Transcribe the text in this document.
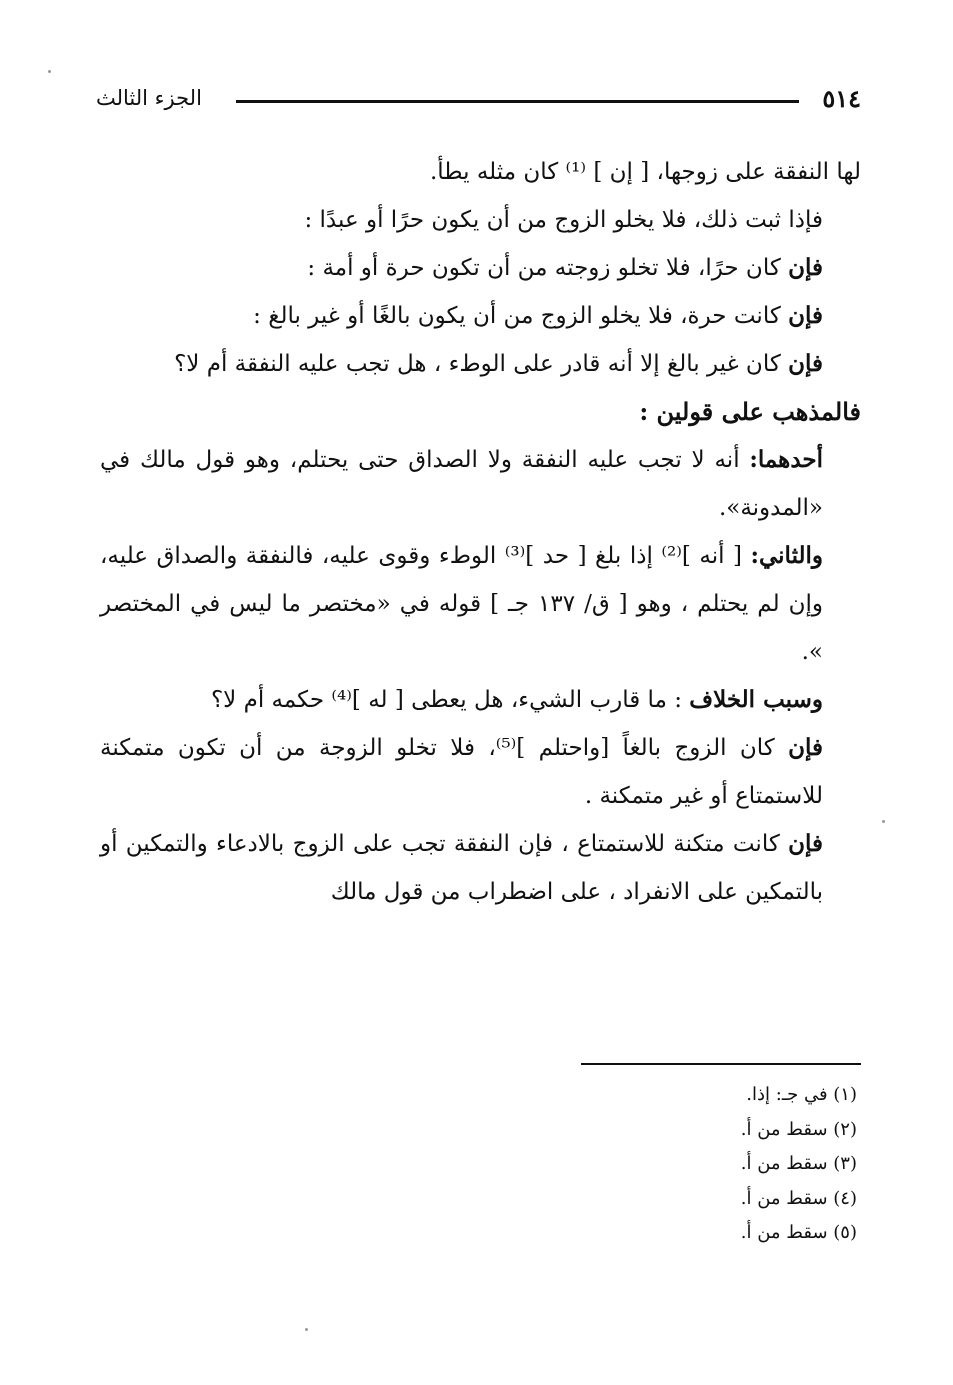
٥١٤
الجزء الثالث

لها النفقة على زوجها، [ إن ] ⁽¹⁾ كان مثله يطأ.

فإذا ثبت ذلك، فلا يخلو الزوج من أن يكون حرًا أو عبدًا :

فإن كان حرًا، فلا تخلو زوجته من أن تكون حرة أو أمة :

فإن كانت حرة، فلا يخلو الزوج من أن يكون بالغًا أو غير بالغ :

فإن كان غير بالغ إلا أنه قادر على الوطء ، هل تجب عليه النفقة أم لا؟

فالمذهب على قولين :

أحدهما: أنه لا تجب عليه النفقة ولا الصداق حتى يحتلم، وهو قول مالك في «المدونة».

والثاني: [ أنه ]⁽²⁾ إذا بلغ [ حد ]⁽³⁾ الوطء وقوى عليه، فالنفقة والصداق عليه، وإن لم يحتلم ، وهو [ ق/ ١٣٧ جـ ] قوله في «مختصر ما ليس في المختصر ».

وسبب الخلاف : ما قارب الشيء، هل يعطى [ له ]⁽⁴⁾ حكمه أم لا؟

فإن كان الزوج بالغاً [واحتلم ]⁽⁵⁾، فلا تخلو الزوجة من أن تكون متمكنة للاستمتاع أو غير متمكنة .

فإن كانت متكنة للاستمتاع ، فإن النفقة تجب على الزوج بالادعاء والتمكين أو بالتمكين على الانفراد ، على اضطراب من قول مالك

(١) في جـ: إذا.

(٢) سقط من أ.

(٣) سقط من أ.

(٤) سقط من أ.

(٥) سقط من أ.
